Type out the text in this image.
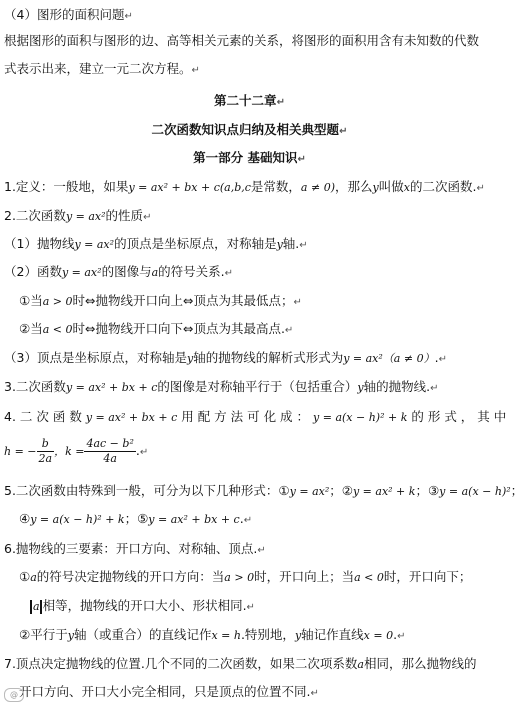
（4）图形的面积问题↵
根据图形的面积与图形的边、高等相关元素的关系，将图形的面积用含有未知数的代数
式表示出来，建立一元二次方程。↵
第二十二章↵
二次函数知识点归纳及相关典型题↵
第一部分 基础知识↵
1.定义：一般地，如果y = ax² + bx + c(a,b,c是常数，a ≠ 0)，那么y叫做x的二次函数.↵
2.二次函数y = ax²的性质↵
（1）抛物线y = ax²的顶点是坐标原点，对称轴是y轴.↵
（2）函数y = ax²的图像与a的符号关系.↵
①当a > 0时⇔抛物线开口向上⇔顶点为其最低点；↵
②当a < 0时⇔抛物线开口向下⇔顶点为其最高点.↵
（3）顶点是坐标原点，对称轴是y轴的抛物线的解析式形式为y = ax²（a ≠ 0）.↵
3.二次函数y = ax² + bx + c的图像是对称轴平行于（包括重合）y轴的抛物线.↵
4. 二 次 函 数 y = ax² + bx + c 用 配 方 法 可 化 成 ： y = a(x − h)² + k 的 形 式 ， 其 中
h = − $\frac{b}{2a}$ ，$k = \frac{\text{4ac − b²}}{4a}$ .↵
5.二次函数由特殊到一般，可分为以下几种形式：①y = ax²；②y = ax² + k；③y = a(x − h)²；
④y = a(x − h)² + k；⑤y = ax² + bx + c.↵
6.抛物线的三要素：开口方向、对称轴、顶点.↵
①a的符号决定抛物线的开口方向：当a > 0时，开口向上；当a < 0时，开口向下；
a 相等，抛物线的开口大小、形状相同.↵
②平行于y轴（或重合）的直线记作x = h.特别地，y轴记作直线x = 0.↵
7.顶点决定抛物线的位置.几个不同的二次函数，如果二次项系数a相同，那么抛物线的
开口方向、开口大小完全相同，只是顶点的位置不同.↵
@
